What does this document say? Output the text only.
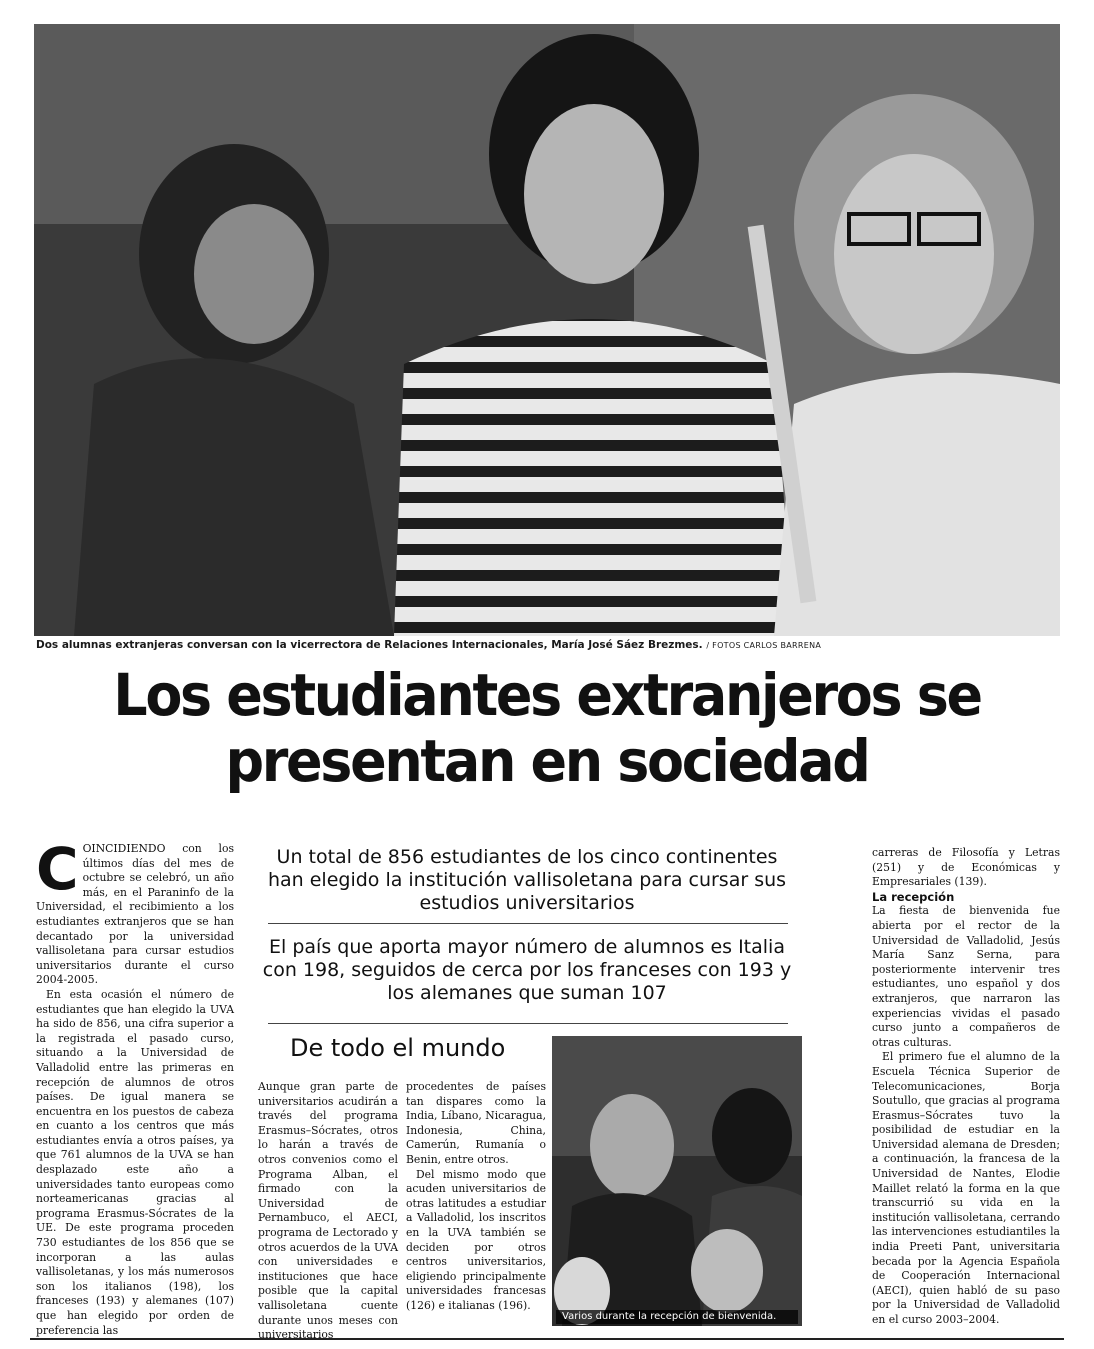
Dos alumnas extranjeras conversan con la vicerrectora de Relaciones Internacionales, María José Sáez Brezmes. / FOTOS CARLOS BARRENA
Los estudiantes extranjeros se
presentan en sociedad

COINCIDIENDO con los últimos días del mes de octubre se celebró, un año más, en el Paraninfo de la Universidad, el recibimiento a los estudiantes extranjeros que se han decantado por la universidad vallisoletana para cursar estudios universitarios durante el curso 2004-2005.

En esta ocasión el número de estudiantes que han elegido la UVA ha sido de 856, una cifra superior a la registrada el pasado curso, situando a la Universidad de Valladolid entre las primeras en recepción de alumnos de otros países. De igual manera se encuentra en los puestos de cabeza en cuanto a los centros que más estudiantes envía a otros países, ya que 761 alumnos de la UVA se han desplazado este año a universidades tanto europeas como norteamericanas gracias al programa Erasmus-Sócrates de la UE. De este programa proceden 730 estudiantes de los 856 que se incorporan a las aulas vallisoletanas, y los más numerosos son los italianos (198), los franceses (193) y alemanes (107) que han elegido por orden de preferencia las

Un total de 856 estudiantes de los cinco continentes han elegido la institución vallisoletana para cursar sus estudios universitarios
El país que aporta mayor número de alumnos es Italia con 198, seguidos de cerca por los franceses con 193 y los alemanes que suman 107
De todo el mundo

Aunque gran parte de universitarios acudirán a través del programa Erasmus–Sócrates, otros lo harán a través de otros convenios como el Programa Alban, el firmado con la Universidad de Pernambuco, el AECI, programa de Lectorado y otros acuerdos de la UVA con universidades e instituciones que hace posible que la capital vallisoletana cuente durante unos meses con universitarios

procedentes de países tan dispares como la India, Líbano, Nicaragua, Indonesia, China, Camerún, Rumanía o Benin, entre otros.

Del mismo modo que acuden universitarios de otras latitudes a estudiar a Valladolid, los inscritos en la UVA también se deciden por otros centros universitarios, eligiendo principalmente universidades francesas (126) e italianas (196).

Varios durante la recepción de bienvenida.

carreras de Filosofía y Letras (251) y de Económicas y Empresariales (139).

La recepción

La fiesta de bienvenida fue abierta por el rector de la Universidad de Valladolid, Jesús María Sanz Serna, para posteriormente intervenir tres estudiantes, uno español y dos extranjeros, que narraron las experiencias vividas el pasado curso junto a compañeros de otras culturas.

El primero fue el alumno de la Escuela Técnica Superior de Telecomunicaciones, Borja Soutullo, que gracias al programa Erasmus–Sócrates tuvo la posibilidad de estudiar en la Universidad alemana de Dresden; a continuación, la francesa de la Universidad de Nantes, Elodie Maillet relató la forma en la que transcurrió su vida en la institución vallisoletana, cerrando las intervenciones estudiantiles la india Preeti Pant, universitaria becada por la Agencia Española de Cooperación Internacional (AECI), quien habló de su paso por la Universidad de Valladolid en el curso 2003–2004.
